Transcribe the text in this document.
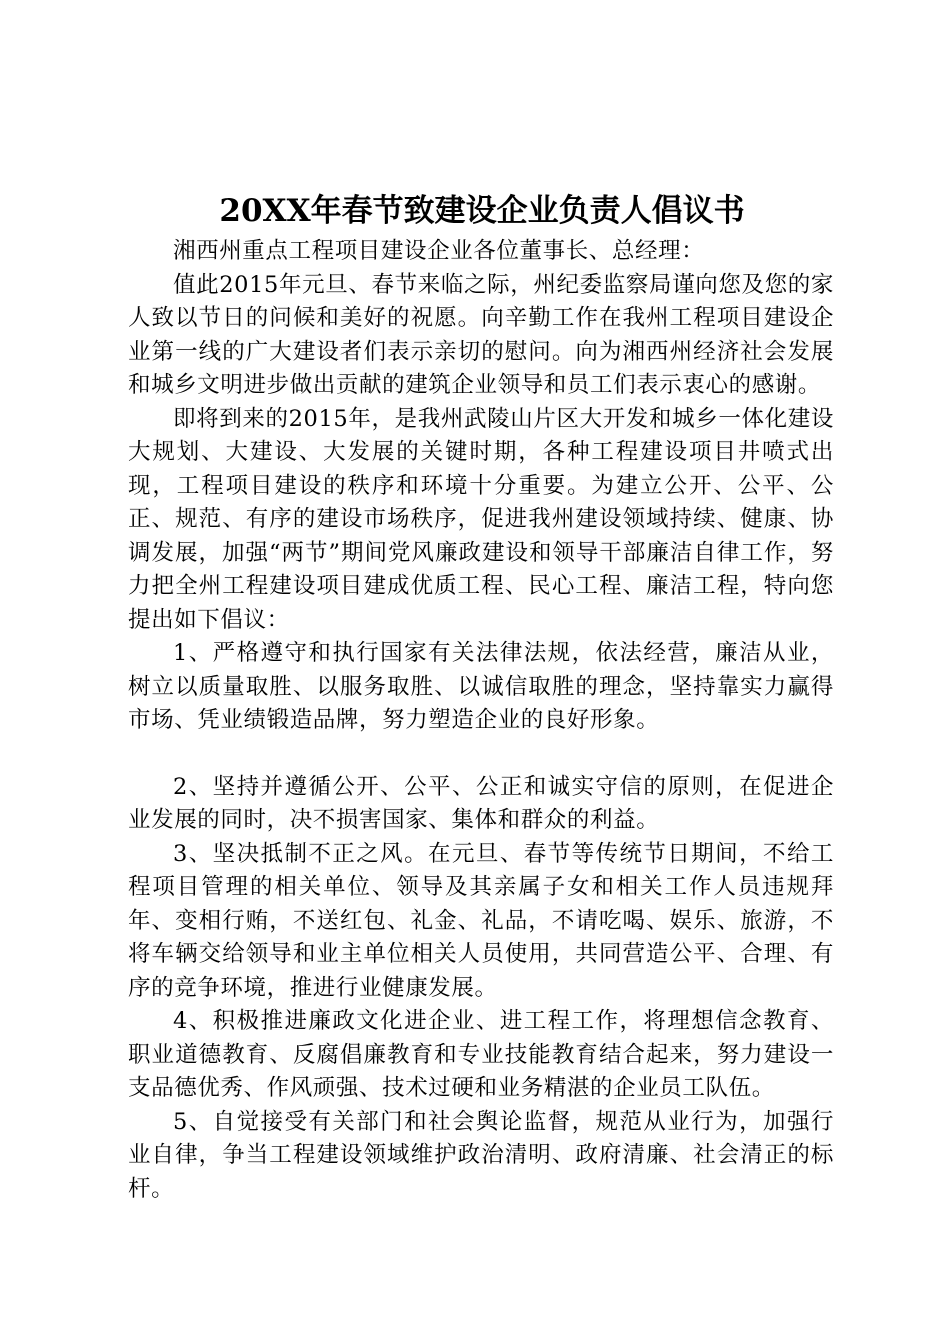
20XX年春节致建设企业负责人倡议书

湘西州重点工程项目建设企业各位董事长、总经理：

值此2015年元旦、春节来临之际，州纪委监察局谨向您及您的家人致以节日的问候和美好的祝愿。向辛勤工作在我州工程项目建设企业第一线的广大建设者们表示亲切的慰问。向为湘西州经济社会发展和城乡文明进步做出贡献的建筑企业领导和员工们表示衷心的感谢。

即将到来的2015年，是我州武陵山片区大开发和城乡一体化建设大规划、大建设、大发展的关键时期，各种工程建设项目井喷式出现，工程项目建设的秩序和环境十分重要。为建立公开、公平、公正、规范、有序的建设市场秩序，促进我州建设领域持续、健康、协调发展，加强“两节”期间党风廉政建设和领导干部廉洁自律工作，努力把全州工程建设项目建成优质工程、民心工程、廉洁工程，特向您提出如下倡议：

1、严格遵守和执行国家有关法律法规，依法经营，廉洁从业，树立以质量取胜、以服务取胜、以诚信取胜的理念，坚持靠实力赢得市场、凭业绩锻造品牌，努力塑造企业的良好形象。

2、坚持并遵循公开、公平、公正和诚实守信的原则，在促进企业发展的同时，决不损害国家、集体和群众的利益。

3、坚决抵制不正之风。在元旦、春节等传统节日期间，不给工程项目管理的相关单位、领导及其亲属子女和相关工作人员违规拜年、变相行贿，不送红包、礼金、礼品，不请吃喝、娱乐、旅游，不将车辆交给领导和业主单位相关人员使用，共同营造公平、合理、有序的竞争环境，推进行业健康发展。

4、积极推进廉政文化进企业、进工程工作，将理想信念教育、职业道德教育、反腐倡廉教育和专业技能教育结合起来，努力建设一支品德优秀、作风顽强、技术过硬和业务精湛的企业员工队伍。

5、自觉接受有关部门和社会舆论监督，规范从业行为，加强行业自律，争当工程建设领域维护政治清明、政府清廉、社会清正的标杆。
